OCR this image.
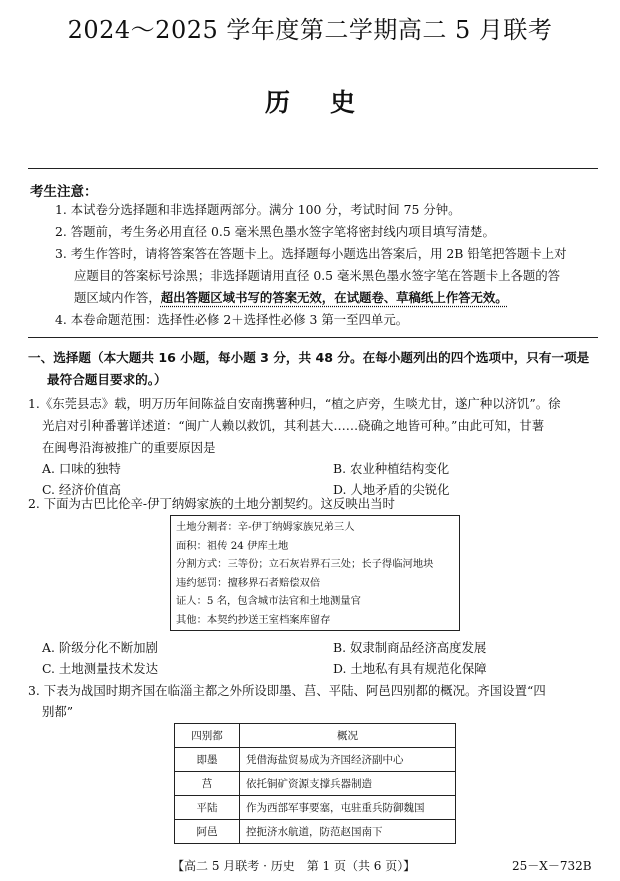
2024～2025 学年度第二学期高二 5 月联考
历史
考生注意：
1. 本试卷分选择题和非选择题两部分。满分 100 分，考试时间 75 分钟。
2. 答题前，考生务必用直径 0.5 毫米黑色墨水签字笔将密封线内项目填写清楚。
3. 考生作答时，请将答案答在答题卡上。选择题每小题选出答案后，用 2B 铅笔把答题卡上对
应题目的答案标号涂黑；非选择题请用直径 0.5 毫米黑色墨水签字笔在答题卡上各题的答
题区域内作答，超出答题区域书写的答案无效，在试题卷、草稿纸上作答无效。
4. 本卷命题范围：选择性必修 2＋选择性必修 3 第一至四单元。
一、选择题（本大题共 16 小题，每小题 3 分，共 48 分。在每小题列出的四个选项中，只有一项是
最符合题目要求的。）
1.《东莞县志》载，明万历年间陈益自安南携薯种归，“植之庐旁，生啖尤甘，遂广种以济饥”。徐
光启对引种番薯详述道：“闽广人赖以救饥，其利甚大……硗确之地皆可种。”由此可知，甘薯
在闽粤沿海被推广的重要原因是
A. 口味的独特	B. 农业种植结构变化
C. 经济价值高	D. 人地矛盾的尖锐化
2. 下面为古巴比伦辛-伊丁纳姆家族的土地分割契约。这反映出当时
土地分割者：辛-伊丁纳姆家族兄弟三人
面积：祖传 24 伊库土地
分割方式：三等份；立石灰岩界石三处；长子得临河地块
违约惩罚：擅移界石者赔偿双倍
证人：5 名，包含城市法官和土地测量官
其他：本契约抄送王室档案库留存
A. 阶级分化不断加剧	B. 奴隶制商品经济高度发展
C. 土地测量技术发达	D. 土地私有具有规范化保障
3. 下表为战国时期齐国在临淄主都之外所设即墨、莒、平陆、阿邑四别都的概况。齐国设置“四
别都”
四别都	概况
即墨	凭借海盐贸易成为齐国经济副中心
莒	依托铜矿资源支撑兵器制造
平陆	作为西部军事要塞，屯驻重兵防御魏国
阿邑	控扼济水航道，防范赵国南下
【高二 5 月联考 · 历史　第 1 页（共 6 页）】	25－X－732B
